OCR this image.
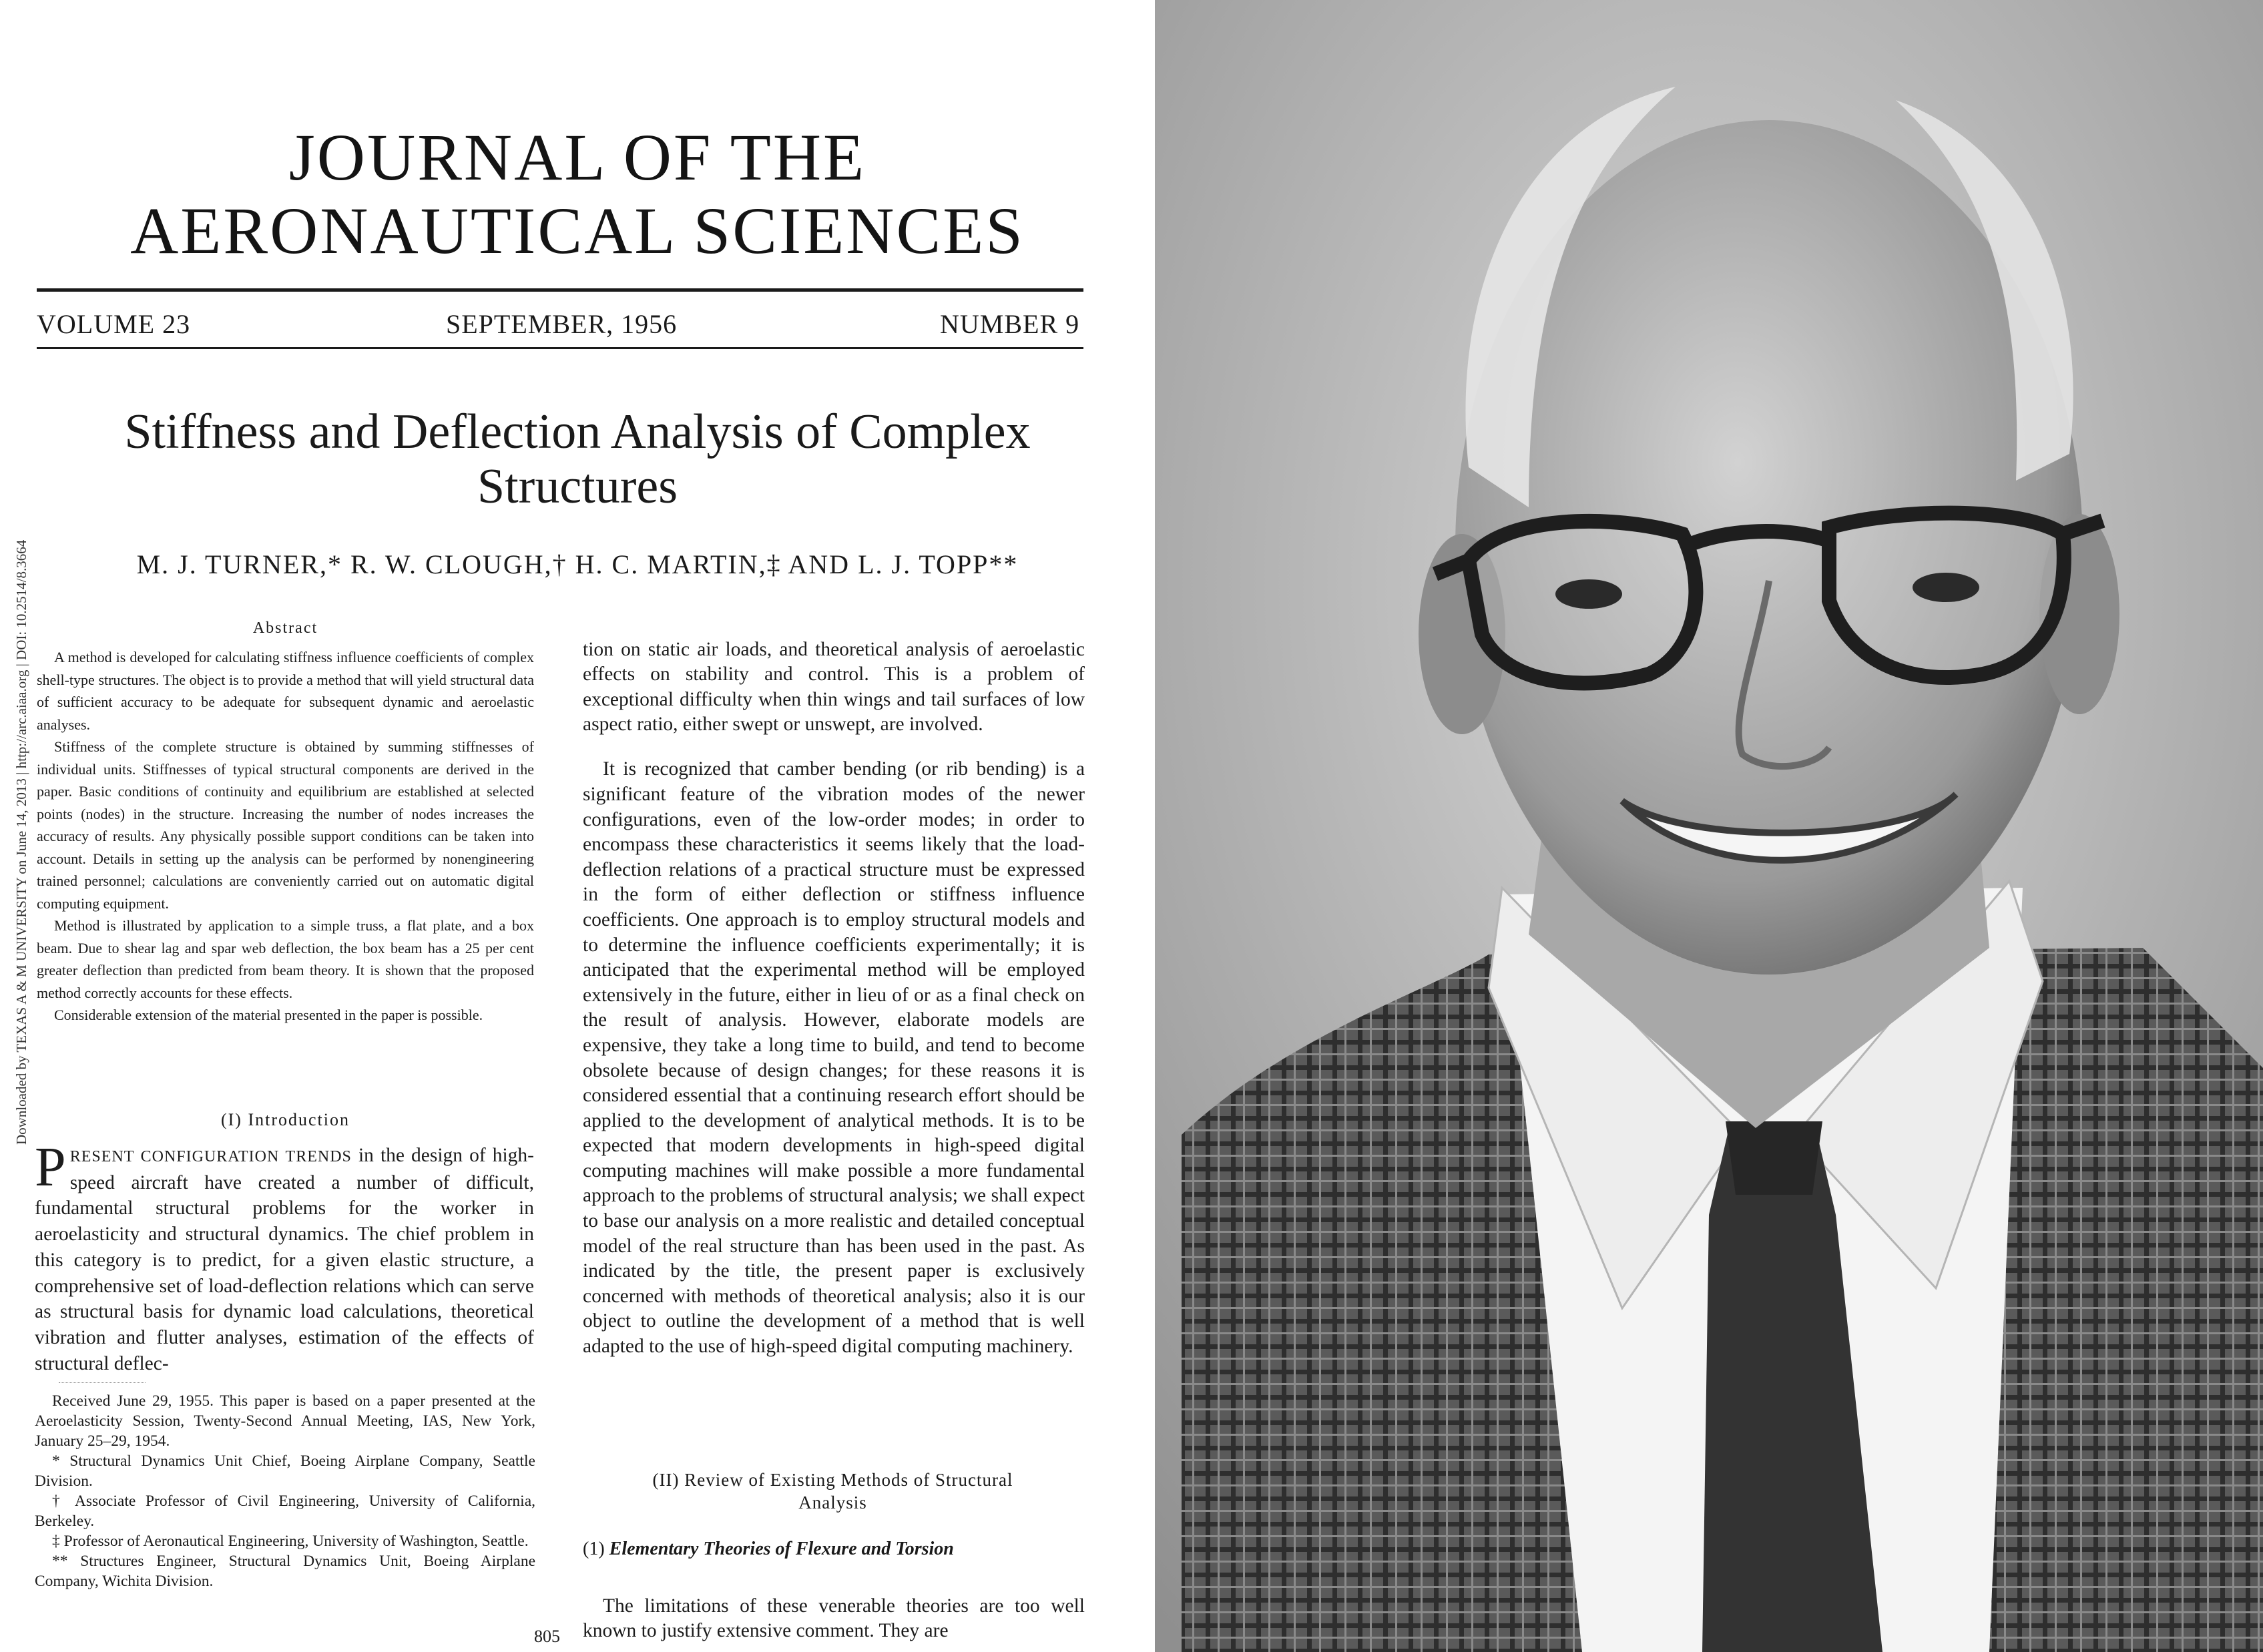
Downloaded by TEXAS A & M UNIVERSITY on June 14, 2013 | http://arc.aiaa.org | DOI: 10.2514/8.3664
JOURNAL OF THE
AERONAUTICAL SCIENCES
VOLUME 23	SEPTEMBER, 1956	NUMBER 9
Stiffness and Deflection Analysis of Complex
Structures
M. J. TURNER,* R. W. CLOUGH,† H. C. MARTIN,‡ AND L. J. TOPP**
Abstract

A method is developed for calculating stiffness influence coefficients of complex shell-type structures. The object is to provide a method that will yield structural data of sufficient accuracy to be adequate for subsequent dynamic and aeroelastic analyses.

Stiffness of the complete structure is obtained by summing stiffnesses of individual units. Stiffnesses of typical structural components are derived in the paper. Basic conditions of continuity and equilibrium are established at selected points (nodes) in the structure. Increasing the number of nodes increases the accuracy of results. Any physically possible support conditions can be taken into account. Details in setting up the analysis can be performed by nonengineering trained personnel; calculations are conveniently carried out on automatic digital computing equipment.

Method is illustrated by application to a simple truss, a flat plate, and a box beam. Due to shear lag and spar web deflection, the box beam has a 25 per cent greater deflection than predicted from beam theory. It is shown that the proposed method correctly accounts for these effects.

Considerable extension of the material presented in the paper is possible.

(I) Introduction

PRESENT CONFIGURATION TRENDS in the design of high-speed aircraft have created a number of difficult, fundamental structural problems for the worker in aeroelasticity and structural dynamics. The chief problem in this category is to predict, for a given elastic structure, a comprehensive set of load-deflection relations which can serve as structural basis for dynamic load calculations, theoretical vibration and flutter analyses, estimation of the effects of structural deflec-

Received June 29, 1955. This paper is based on a paper presented at the Aeroelasticity Session, Twenty-Second Annual Meeting, IAS, New York, January 25–29, 1954.

* Structural Dynamics Unit Chief, Boeing Airplane Company, Seattle Division.

† Associate Professor of Civil Engineering, University of California, Berkeley.

‡ Professor of Aeronautical Engineering, University of Washington, Seattle.

** Structures Engineer, Structural Dynamics Unit, Boeing Airplane Company, Wichita Division.

tion on static air loads, and theoretical analysis of aeroelastic effects on stability and control. This is a problem of exceptional difficulty when thin wings and tail surfaces of low aspect ratio, either swept or unswept, are involved.

It is recognized that camber bending (or rib bending) is a significant feature of the vibration modes of the newer configurations, even of the low-order modes; in order to encompass these characteristics it seems likely that the load-deflection relations of a practical structure must be expressed in the form of either deflection or stiffness influence coefficients. One approach is to employ structural models and to determine the influence coefficients experimentally; it is anticipated that the experimental method will be employed extensively in the future, either in lieu of or as a final check on the result of analysis. However, elaborate models are expensive, they take a long time to build, and tend to become obsolete because of design changes; for these reasons it is considered essential that a continuing research effort should be applied to the development of analytical methods. It is to be expected that modern developments in high-speed digital computing machines will make possible a more fundamental approach to the problems of structural analysis; we shall expect to base our analysis on a more realistic and detailed conceptual model of the real structure than has been used in the past. As indicated by the title, the present paper is exclusively concerned with methods of theoretical analysis; also it is our object to outline the development of a method that is well adapted to the use of high-speed digital computing machinery.

(II) Review of Existing Methods of Structural
Analysis
(1) Elementary Theories of Flexure and Torsion

The limitations of these venerable theories are too well known to justify extensive comment. They are

805
